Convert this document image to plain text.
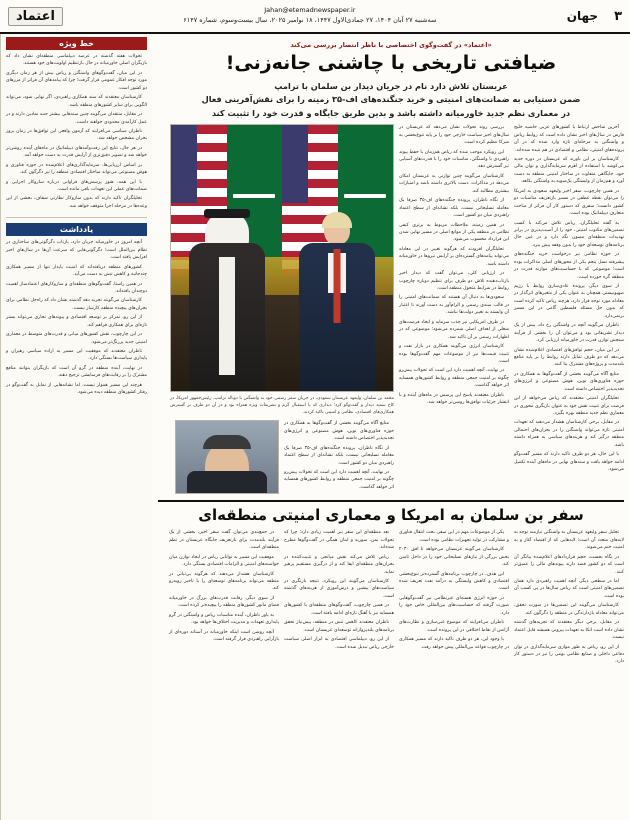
۳
جهان
Jahan@etemadnewspaper.ir
سه‌شنبه ۲۷ آبان ۱۴۰۴، ۲۷ جمادی‌الاول ۱۴۴۷، ۱۸ نوامبر ۲۰۲۵، سال بیست‌وسوم، شماره ۶۱۴۷
اعتماد
«اعتماد» در گفت‌وگوی اختصاصی با ناظر انتصار بررسی می‌کند
ضیافتی تاریخی با چاشنی جانه‌زنی!
عربستان تلاش دارد نام در جریان دیدار بن سلمان با ترامپ
ضمن دستیابی به ضمانت‌های امنیتی و خرید جنگنده‌های اف-۳۵ زمینه را برای نقش‌آفرینی فعال
در معماری نظم جدید خاورمیانه داشته باشد و بدین طریق جایگاه و قدرت خود را تثبیت کند

آخرین شاخص ارتباط با کشور‌های عربی حاشیه خلیج فارس در سال‌های اخیر نشان داده است که روابط ریاض و واشنگتن به مرحله‌ای تازه وارد شده که در آن پرونده‌های امنیتی، نظامی و اقتصادی در هم تنیده شده‌اند.

کارشناسان بر این باورند که عربستان در دوره جدید می‌کوشد با استفاده از اهرم سرمایه‌گذاری و توان مالی خود، جایگاهی متفاوت در ساختار امنیتی منطقه به دست آورد و هم‌زمان از وابستگی یک‌سویه به واشنگتن بکاهد.

در همین چارچوب، سفر اخیر ولیعهد سعودی به امریکا را می‌توان نقطه عطفی در مسیر بازتعریف مناسبات دو کشور دانست؛ سفری که دستور کار آن فراتر از مباحث متعارف دیپلماتیک بوده است.

به گفته تحلیلگران، ریاض تلاش می‌کند با کسب تضمین‌های مکتوب امنیتی، خود را از آسیب‌پذیری در برابر تهدیدات منطقه‌ای مصون نگه دارد و در عین حال برنامه‌های توسعه‌ای خود را بدون وقفه پیش ببرد.

در حوزه نظامی نیز درخواست خرید جنگنده‌های پیشرفته نسل پنجم یکی از محور‌های اصلی مذاکرات بوده است؛ موضوعی که با حساسیت‌های موازنه قدرت در منطقه گره خورده است.

از سوی دیگر، پرونده عادی‌سازی روابط با رژیم صهیونیستی همچنان به عنوان یکی از متغیر‌های اثرگذار در معادله مورد توجه قرار دارد، هرچند ریاض تاکید کرده است که بدون حل مسئله فلسطین گامی در این مسیر برنمی‌دارد.

ناظران می‌گویند آنچه در واشنگتن رخ داد، بیش از یک دیدار تشریفاتی بود و می‌توان آن را بخشی از فرآیند سنجش توازن قدرت در خاورمیانه ارزیابی کرد.

در این میان، حجم توافق‌های اقتصادی اعلام‌شده نشان می‌دهد که دو طرف تمایل دارند روابط را بر پایه منافع بلندمدت و پروژه‌های مشترک بنا کنند.

منابع آگاه می‌گویند بخشی از گفت‌وگو‌ها به همکاری در حوزه فناوری‌های نوین، هوش مصنوعی و انرژی‌های تجدیدپذیر اختصاص داشته است.

تحلیلگران امنیتی معتقدند که ریاض می‌خواهد از این فرصت برای تثبیت نقش خود به عنوان بازیگری محوری در معماری نظم جدید منطقه بهره بگیرد.

در مقابل، برخی کارشناسان هشدار می‌دهند که تعهدات امنیتی تازه می‌تواند واشنگتن را در بحران‌های احتمالی منطقه درگیر کند و هزینه‌های سیاسی به همراه داشته باشد.

با این حال، هر دو طرف تاکید دارند که مسیر گفت‌وگو ادامه خواهد یافت و سند‌های نهایی در ماه‌های آینده تکمیل می‌شود.

بررسی روند تحولات نشان می‌دهد که عربستان در سال‌های اخیر سیاست خارجی خود را بر پایه تنوع‌بخشی به شرکا تنظیم کرده است.

این رویکرد موجب شده که ریاض هم‌زمان با حفظ پیوند راهبردی با واشنگتن، مناسبات خود را با قدرت‌های آسیایی نیز گسترش دهد.

کارشناسان می‌گویند چنین توازنی به عربستان امکان می‌دهد در مذاکرات، دست بالاتری داشته باشد و امتیازات بیشتری مطالبه کند.

از نگاه ناظران، پرونده جنگنده‌های اف-۳۵ صرفا یک معامله تسلیحاتی نیست، بلکه نشانه‌ای از سطح اعتماد راهبردی میان دو کشور است.

در همین زمینه، ملاحظات مربوط به برتری کیفی نظامی در منطقه یکی از موانع اصلی در مسیر نهایی شدن این قرارداد محسوب می‌شود.

تحلیلگران افزودند که هرگونه تغییر در این معادله می‌تواند پیامد‌های گسترده‌ای بر آرایش نیرو‌ها در خاورمیانه داشته باشد.

در ارزیابی کلی، می‌توان گفت که دیدار اخیر بازتاب‌دهنده تلاش دو طرف برای تنظیم دوباره چارچوب روابط در شرایط متحول منطقه است.

سعودی‌ها به دنبال آن هستند که ضمانت‌های امنیتی را در قالب سندی رسمی و الزام‌آور به دست آورند تا اعتبار آن وابسته به تغییر دولت‌ها نباشد.

در طرف امریکایی نیز جذب سرمایه و ایجاد فرصت‌های شغلی از اهداف اصلی شمرده می‌شود؛ موضوعی که در اظهارات رسمی بر آن تاکید شد.

کارشناسان انرژی می‌گویند همکاری در بازار نفت و تثبیت قیمت‌ها نیز از موضوعات مهم گفت‌وگو‌ها بوده است.

در نهایت، آنچه اهمیت دارد این است که تحولات پیش‌رو چگونه بر امنیت جمعی منطقه و روابط کشور‌های همسایه اثر خواهد گذاشت.

ناظران معتقدند پاسخ این پرسش در ماه‌های آینده و با انتشار جزئیات توافق‌ها روشن‌تر خواهد شد.

محمد بن سلمان، ولیعهد عربستان سعودی، در جریان سفر رسمی خود به واشنگتن با دونالد ترامپ، رئیس‌جمهور امریکا، در کاخ سفید دیدار و گفت‌وگو کرد؛ دیداری که با استقبال گرم و تشریفات ویژه همراه بود و در آن دو طرف بر گسترش همکاری‌های اقتصادی، نظامی و امنیتی تاکید کردند.

منابع آگاه می‌گویند بخشی از گفت‌وگو‌ها به همکاری در حوزه فناوری‌های نوین، هوش مصنوعی و انرژی‌های تجدیدپذیر اختصاص داشته است.

از نگاه ناظران، پرونده جنگنده‌های اف-۳۵ صرفا یک معامله تسلیحاتی نیست، بلکه نشانه‌ای از سطح اعتماد راهبردی میان دو کشور است.

در نهایت، آنچه اهمیت دارد این است که تحولات پیش‌رو چگونه بر امنیت جمعی منطقه و روابط کشور‌های همسایه اثر خواهد گذاشت.

سفر بن سلمان به امریکا و معماری امنیتی منطقه‌ای

تحلیل سفر ولیعهد عربستان به واشنگتن نیازمند توجه به لایه‌های متعدد آن است؛ لایه‌هایی که از اقتصاد آغاز و به امنیت ختم می‌شوند.

در نگاه نخست، حجم قرارداد‌های اعلام‌شده بیانگر آن است که دو کشور قصد دارند پیوند‌های مالی را عمیق‌تر کنند.

اما در سطحی دیگر، آنچه اهمیت راهبردی دارد همان تضمین‌های امنیتی است که ریاض سال‌ها در پی کسب آن بوده است.

کارشناسان می‌گویند این تضمین‌ها در صورت تحقق، می‌تواند معادله بازدارندگی در منطقه را دگرگون کند.

در مقابل، برخی دیگر معتقدند که تجربه‌های گذشته نشان داده است اتکا به تعهدات بیرونی همیشه قابل اعتماد نیست.

از این رو، ریاض به طور موازی سرمایه‌گذاری در توان دفاعی داخلی و صنایع نظامی بومی را نیز در دستور کار دارد.

یکی از موضوعات مهم در این سفر، بحث انتقال فناوری و مشارکت در تولید تجهیزات نظامی بوده است.

کارشناسان می‌گویند عربستان می‌خواهد تا افق ۲۰۳۰ بخش بزرگی از نیاز‌های تسلیحاتی خود را در داخل تامین کند.

این هدف، در چارچوب برنامه‌های گسترده‌تر تنوع‌بخشی اقتصادی و کاهش وابستگی به درآمد نفت تعریف شده است.

در حوزه انرژی هسته‌ای غیرنظامی نیز گفت‌وگو‌هایی صورت گرفته که حساسیت‌های بین‌المللی خاص خود را دارد.

ناظران می‌افزایند که موضوع غنی‌سازی و نظارت‌های آژانس از نقاط اختلافی در این پرونده است.

با وجود این، هر دو طرف تاکید دارند که مسیر همکاری در چارچوب قواعد بین‌المللی پیش خواهد رفت.

بعد منطقه‌ای این سفر نیز اهمیت زیادی دارد؛ چرا که تحولات یمن، سوریه و لبنان همگی در گفت‌وگو‌ها مطرح شده‌اند.

ریاض تلاش می‌کند نقش میانجی و تثبیت‌کننده در بحران‌های منطقه‌ای ایفا کند و از درگیری مستقیم پرهیز نماید.

کارشناسان می‌گویند این رویکرد، نتیجه بازنگری در سیاست‌های پیشین و درس‌آموزی از هزینه‌های گذشته است.

در همین چارچوب، گفت‌وگو‌های منطقه‌ای با کشور‌های همسایه نیز با آهنگ تازه‌ای ادامه یافته است.

ناظران معتقدند کاهش تنش در منطقه، پیش‌نیاز تحقق برنامه‌های بلندپروازانه توسعه‌ای عربستان است.

از این رو، دیپلماسی اقتصادی به ابزار اصلی سیاست خارجی ریاض تبدیل شده است.

در جمع‌بندی می‌توان گفت سفر اخیر، بخشی از یک فرآیند بلندمدت برای بازتعریف جایگاه عربستان در نظم منطقه‌ای است.

موفقیت این مسیر به توانایی ریاض در ایجاد توازن میان خواسته‌های امنیتی و الزامات اقتصادی بستگی دارد.

کارشناسان هشدار می‌دهند که هرگونه بی‌ثباتی در منطقه می‌تواند برنامه‌های توسعه‌ای را با تاخیر روبه‌رو کند.

از سوی دیگر، رقابت قدرت‌های بزرگ در خاورمیانه فضای مانور کشور‌های منطقه را پیچیده‌تر کرده است.

به باور ناظران، آینده مناسبات ریاض و واشنگتن در گرو پایداری تعهدات و مدیریت اختلاف‌ها خواهد بود.

آنچه روشن است اینکه خاورمیانه در آستانه دوره‌ای از بازآرایی راهبردی قرار گرفته است.

خط ویژه

تحولات هفته گذشته در عرصه دیپلماسی منطقه‌ای نشان داد که بازیگران اصلی خاورمیانه در حال بازتنظیم اولویت‌های خود هستند.

در این میان، گفت‌وگو‌های واشنگتن و ریاض بیش از هر زمان دیگری مورد توجه افکار عمومی قرار گرفت؛ چرا که پیامد‌های آن فراتر از مرز‌های دو کشور است.

کارشناسان معتقدند که سند همکاری راهبردی، اگر نهایی شود، می‌تواند الگویی برای سایر کشور‌های منطقه باشد.

در مقابل، منتقدان می‌گویند چنین سند‌هایی بیشتر جنبه نمادین دارند و در عمل کارآمدی محدودی خواهند داشت.

ناظران سیاسی می‌افزایند که آزمون واقعی این توافق‌ها در زمان بروز بحران مشخص خواهد شد.

در هر حال، نتایج این رفت‌و‌آمد‌های دیپلماتیک در ماه‌های آینده روشن‌تر خواهد شد و تصویر دقیق‌تری از آرایش قدرت به دست خواهد آمد.

بر اساس ارزیابی‌ها، سرمایه‌گذاری‌های اعلام‌شده در حوزه فناوری و هوش مصنوعی می‌تواند ساختار اقتصادی منطقه را نیز دگرگون کند.

با این همه، هنوز پرسش‌های فراوانی درباره سازوکار اجرایی و ضمانت‌های عملی این تعهدات باقی مانده است.

تحلیلگران تاکید دارند که بدون سازوکار نظارتی شفاف، بخشی از این وعده‌ها در مرحله اجرا متوقف خواهد شد.

یادداشت

آنچه امروز در خاورمیانه جریان دارد، بازتاب دگرگونی‌های ساختاری در نظام بین‌الملل است؛ دگرگونی‌هایی که سرعت آن‌ها در سال‌های اخیر افزایش یافته است.

کشور‌های منطقه دریافته‌اند که امنیت پایدار تنها از مسیر همکاری چندجانبه و کاهش تنش به دست می‌آید.

در همین راستا، گفت‌وگو‌های منطقه‌ای و ساز‌و‌کار‌های اعتماد‌ساز اهمیت دوچندان یافته‌اند.

کارشناسان می‌گویند تجربه دهه گذشته نشان داد که راه‌حل نظامی برای بحران‌های پیچیده منطقه کارساز نیست.

از این رو، تمرکز بر توسعه اقتصادی و پیوند‌های تجاری می‌تواند بستر تازه‌ای برای همکاری فراهم کند.

در این چارچوب، نقش کشور‌های میانی و قدرت‌های متوسط در معماری امنیتی جدید پررنگ‌تر می‌شود.

ناظران معتقدند که موفقیت این مسیر به اراده سیاسی رهبران و پایداری سیاست‌ها بستگی دارد.

در نهایت، آینده منطقه در گرو آن است که بازیگران بتوانند منافع مشترک را بر رقابت‌های فرسایشی ترجیح دهند.

هرچند این مسیر هموار نیست، اما نشانه‌هایی از تمایل به گفت‌وگو در رفتار کشور‌های منطقه دیده می‌شود.
